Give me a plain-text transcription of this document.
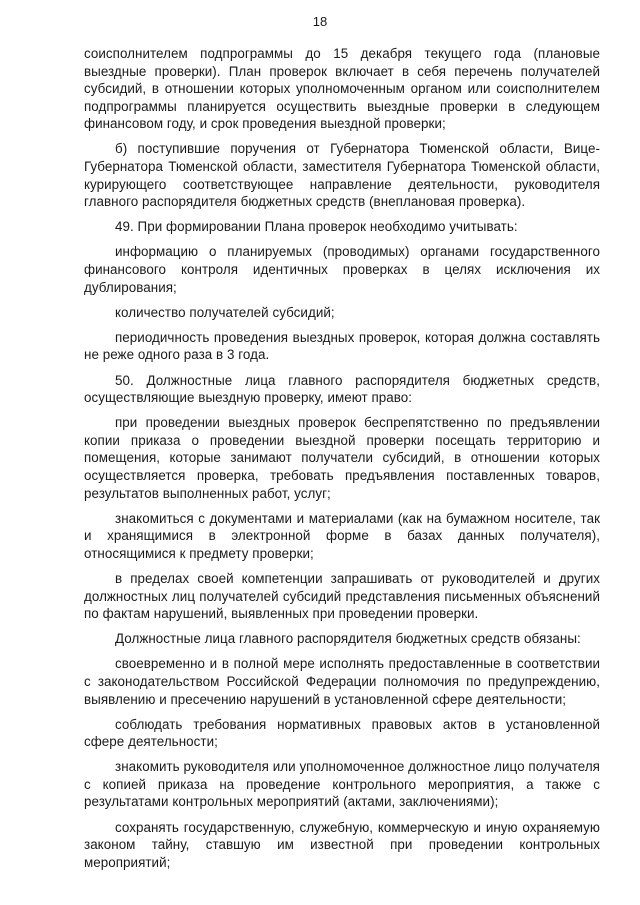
18

соисполнителем подпрограммы до 15 декабря текущего года (плановые выездные проверки). План проверок включает в себя перечень получателей субсидий, в отношении которых уполномоченным органом или соисполнителем подпрограммы планируется осуществить выездные проверки в следующем финансовом году, и срок проведения выездной проверки;

б) поступившие поручения от Губернатора Тюменской области, Вице-Губернатора Тюменской области, заместителя Губернатора Тюменской области, курирующего соответствующее направление деятельности, руководителя главного распорядителя бюджетных средств (внеплановая проверка).

49. При формировании Плана проверок необходимо учитывать:

информацию о планируемых (проводимых) органами государственного финансового контроля идентичных проверках в целях исключения их дублирования;

количество получателей субсидий;

периодичность проведения выездных проверок, которая должна составлять не реже одного раза в 3 года.

50. Должностные лица главного распорядителя бюджетных средств, осуществляющие выездную проверку, имеют право:

при проведении выездных проверок беспрепятственно по предъявлении копии приказа о проведении выездной проверки посещать территорию и помещения, которые занимают получатели субсидий, в отношении которых осуществляется проверка, требовать предъявления поставленных товаров, результатов выполненных работ, услуг;

знакомиться с документами и материалами (как на бумажном носителе, так и хранящимися в электронной форме в базах данных получателя), относящимися к предмету проверки;

в пределах своей компетенции запрашивать от руководителей и других должностных лиц получателей субсидий представления письменных объяснений по фактам нарушений, выявленных при проведении проверки.

Должностные лица главного распорядителя бюджетных средств обязаны:

своевременно и в полной мере исполнять предоставленные в соответствии с законодательством Российской Федерации полномочия по предупреждению, выявлению и пресечению нарушений в установленной сфере деятельности;

соблюдать требования нормативных правовых актов в установленной сфере деятельности;

знакомить руководителя или уполномоченное должностное лицо получателя с копией приказа на проведение контрольного мероприятия, а также с результатами контрольных мероприятий (актами, заключениями);

сохранять государственную, служебную, коммерческую и иную охраняемую законом тайну, ставшую им известной при проведении контрольных мероприятий;
